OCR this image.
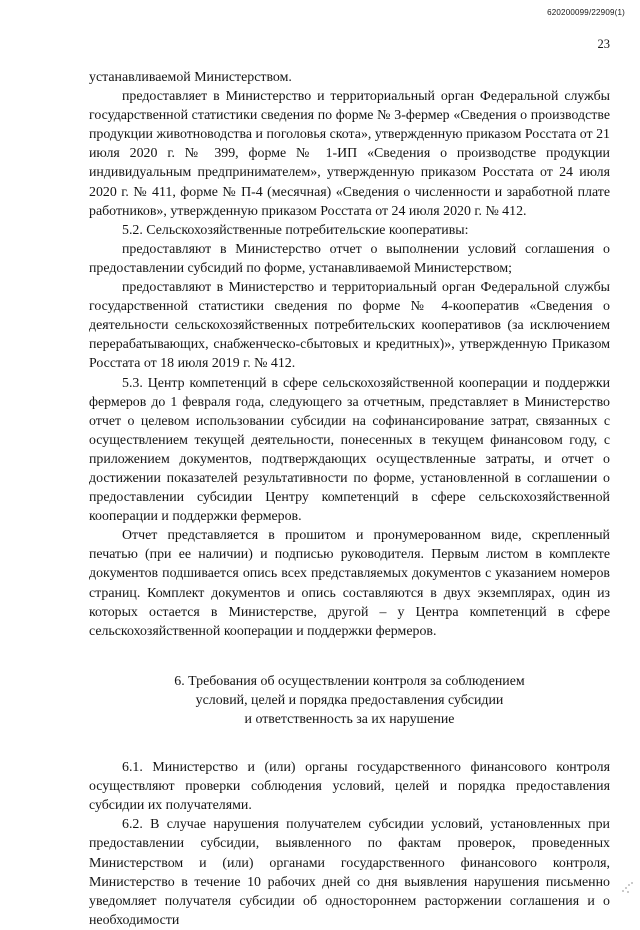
620200099/22909(1)
23

устанавливаемой Министерством.

предоставляет в Министерство и территориальный орган Федеральной службы государственной статистики сведения по форме № 3-фермер «Сведения о производстве продукции животноводства и поголовья скота», утвержденную приказом Росстата от 21 июля 2020 г. № 399, форме № 1-ИП «Сведения о производстве продукции индивидуальным предпринимателем», утвержденную приказом Росстата от 24 июля 2020 г. № 411, форме № П-4 (месячная) «Сведения о численности и заработной плате работников», утвержденную приказом Росстата от 24 июля 2020 г. № 412.

5.2. Сельскохозяйственные потребительские кооперативы:

предоставляют в Министерство отчет о выполнении условий соглашения о предоставлении субсидий по форме, устанавливаемой Министерством;

предоставляют в Министерство и территориальный орган Федеральной службы государственной статистики сведения по форме № 4-кооператив «Сведения о деятельности сельскохозяйственных потребительских кооперативов (за исключением перерабатывающих, снабженческо-сбытовых и кредитных)», утвержденную Приказом Росстата от 18 июля 2019 г. № 412.

5.3. Центр компетенций в сфере сельскохозяйственной кооперации и поддержки фермеров до 1 февраля года, следующего за отчетным, представляет в Министерство отчет о целевом использовании субсидии на софинансирование затрат, связанных с осуществлением текущей деятельности, понесенных в текущем финансовом году, с приложением документов, подтверждающих осуществленные затраты, и отчет о достижении показателей результативности по форме, установленной в соглашении о предоставлении субсидии Центру компетенций в сфере сельскохозяйственной кооперации и поддержки фермеров.

Отчет представляется в прошитом и пронумерованном виде, скрепленный печатью (при ее наличии) и подписью руководителя. Первым листом в комплекте документов подшивается опись всех представляемых документов с указанием номеров страниц. Комплект документов и опись составляются в двух экземплярах, один из которых остается в Министерстве, другой – у Центра компетенций в сфере сельскохозяйственной кооперации и поддержки фермеров.

6. Требования об осуществлении контроля за соблюдением
условий, целей и порядка предоставления субсидии
и ответственность за их нарушение

6.1. Министерство и (или) органы государственного финансового контроля осуществляют проверки соблюдения условий, целей и порядка предоставления субсидии их получателями.

6.2. В случае нарушения получателем субсидии условий, установленных при предоставлении субсидии, выявленного по фактам проверок, проведенных Министерством и (или) органами государственного финансового контроля, Министерство в течение 10 рабочих дней со дня выявления нарушения письменно уведомляет получателя субсидии об одностороннем расторжении соглашения и о необходимости
